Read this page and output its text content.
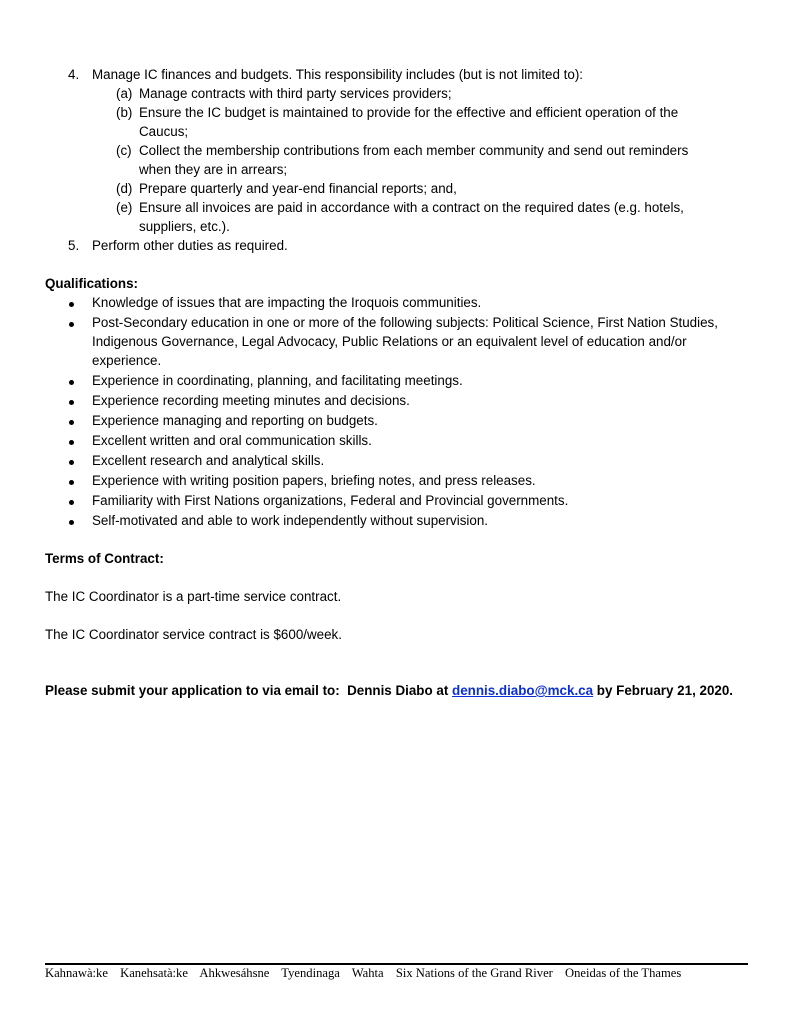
4. Manage IC finances and budgets. This responsibility includes (but is not limited to):
(a) Manage contracts with third party services providers;
(b) Ensure the IC budget is maintained to provide for the effective and efficient operation of the
Caucus;
(c) Collect the membership contributions from each member community and send out reminders
when they are in arrears;
(d) Prepare quarterly and year-end financial reports; and,
(e) Ensure all invoices are paid in accordance with a contract on the required dates (e.g. hotels,
suppliers, etc.).
5. Perform other duties as required.
Qualifications:
Knowledge of issues that are impacting the Iroquois communities.
Post-Secondary education in one or more of the following subjects: Political Science, First Nation Studies,
Indigenous Governance, Legal Advocacy, Public Relations or an equivalent level of education and/or
experience.
Experience in coordinating, planning, and facilitating meetings.
Experience recording meeting minutes and decisions.
Experience managing and reporting on budgets.
Excellent written and oral communication skills.
Excellent research and analytical skills.
Experience with writing position papers, briefing notes, and press releases.
Familiarity with First Nations organizations, Federal and Provincial governments.
Self-motivated and able to work independently without supervision.
Terms of Contract:
The IC Coordinator is a part-time service contract.
The IC Coordinator service contract is $600/week.
Please submit your application to via email to:  Dennis Diabo at dennis.diabo@mck.ca by February 21, 2020.
Kahnawà:ke Kanehsatà:ke Ahkwesáhsne Tyendinaga Wahta Six Nations of the Grand River Oneidas of the Thames
